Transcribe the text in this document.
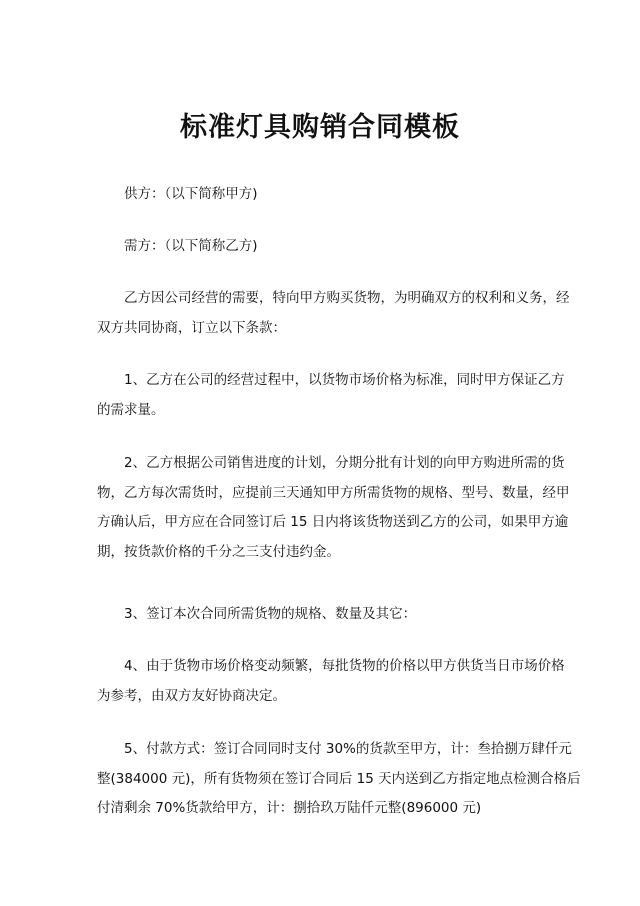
标准灯具购销合同模板

供方：（以下简称甲方)

需方：（以下简称乙方)

乙方因公司经营的需要，特向甲方购买货物，为明确双方的权利和义务，经
双方共同协商，订立以下条款：

1、乙方在公司的经营过程中，以货物市场价格为标准，同时甲方保证乙方
的需求量。

2、乙方根据公司销售进度的计划，分期分批有计划的向甲方购进所需的货
物，乙方每次需货时，应提前三天通知甲方所需货物的规格、型号、数量，经甲
方确认后，甲方应在合同签订后 15 日内将该货物送到乙方的公司，如果甲方逾
期，按货款价格的千分之三支付违约金。

3、签订本次合同所需货物的规格、数量及其它：

4、由于货物市场价格变动频繁，每批货物的价格以甲方供货当日市场价格
为参考，由双方友好协商决定。

5、付款方式：签订合同同时支付 30%的货款至甲方，计：叁拾捌万肆仟元
整(384000 元)，所有货物须在签订合同后 15 天内送到乙方指定地点检测合格后
付清剩余 70%货款给甲方，计：捌拾玖万陆仟元整(896000 元)
